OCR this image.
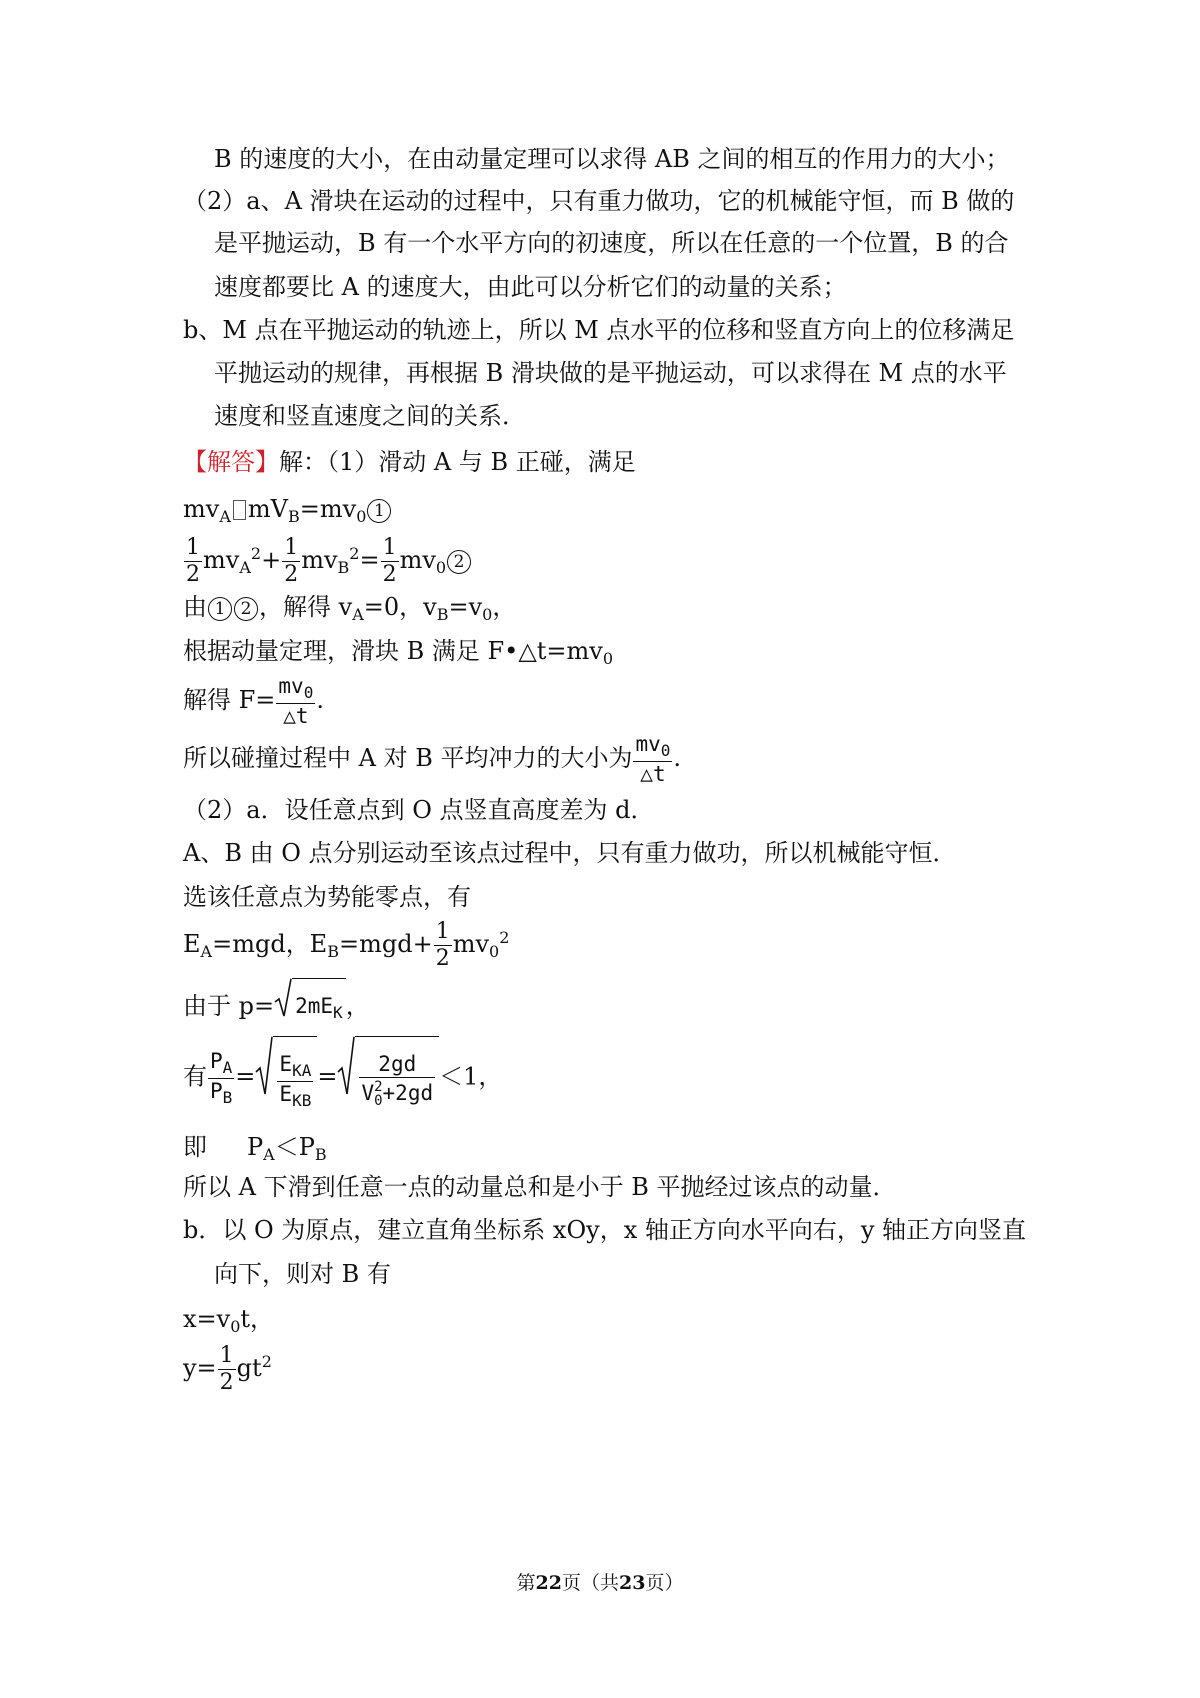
B 的速度的大小，在由动量定理可以求得 AB 之间的相互的作用力的大小；
（2）a、A 滑块在运动的过程中，只有重力做功，它的机械能守恒，而 B 做的
是平抛运动，B 有一个水平方向的初速度，所以在任意的一个位置，B 的合
速度都要比 A 的速度大，由此可以分析它们的动量的关系；
b、M 点在平抛运动的轨迹上，所以 M 点水平的位移和竖直方向上的位移满足
平抛运动的规律，再根据 B 滑块做的是平抛运动，可以求得在 M 点的水平
速度和竖直速度之间的关系．
【解答】解：（1）滑动 A 与 B 正碰，满足
$mv_A$ $mV_B=mv_0$ 1
$\frac{1}{2} mv_A^2+ \frac{1}{2} mv_B^2= \frac{1}{2} mv_0$ 2
由 1 2 ，解得 $v_A=0$，$v_B=v_0$，
根据动量定理，滑块 B 满足 $F•\triangle t=mv_0$
解得 $F= \frac{mv_0}{\triangle t}$ .
所以碰撞过程中 A 对 B 平均冲力的大小为 $\frac{mv_0}{\triangle t}$ .
（2）a．设任意点到 O 点竖直高度差为 d．
A、B 由 O 点分别运动至该点过程中，只有重力做功，所以机械能守恒．
选该任意点为势能零点，有
$E_A=mgd$，$E_B=mgd+ \frac{1}{2} mv_0^2$
由于 $p= 2mE_K$ ，
有 $\frac{P_A}{P_B} = \frac{E_{KA}}{E_{KB}} = 2gd$
V 2
0 +2gd ＜1，
即 $P_A<P_B$
所以 A 下滑到任意一点的动量总和是小于 B 平抛经过该点的动量．
b．以 O 为原点，建立直角坐标系 xOy，x 轴正方向水平向右，y 轴正方向竖直
向下，则对 B 有
$x=v_0t$，
$y= \frac{1}{2} gt^2$
第22页（共23页）
